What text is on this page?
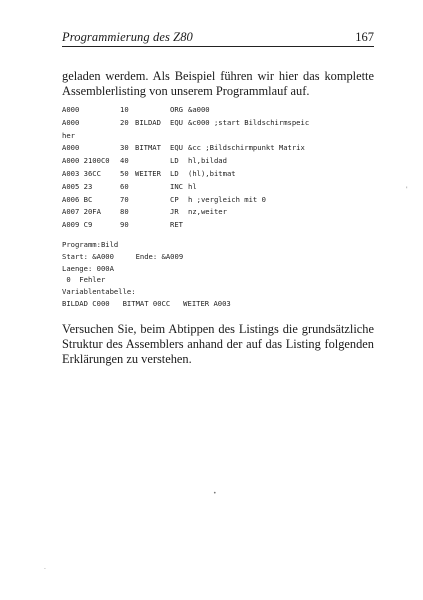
Programmierung des Z80	167
geladen werdem. Als Beispiel führen wir hier das komplette Assemblerlisting von unserem Programmlauf auf.
A000	10	ORG &a000
A000	20 BILDAD EQU &c000 ;start Bildschirmspeic
her
A000	30 BITMAT EQU &cc ;Bildschirmpunkt Matrix
A000 2100C0 40	LD hl,bildad
A003 36CC	50 WEITER LD (hl),bitmat
A005 23	60	INC hl
A006 BC	70	CP h ;vergleich mit 0
A007 20FA	80	JR nz,weiter
A009 C9	90	RET
Programm:Bild
Start: &A000     Ende: &A009
Laenge: 000A
0  Fehler
Variablentabelle:
BILDAD C000   BITMAT 00CC   WEITER A003
Versuchen Sie, beim Abtippen des Listings die grundsätzliche Struktur des Assemblers anhand der auf das Listing folgenden Erklärungen zu verstehen.
'
•
·
